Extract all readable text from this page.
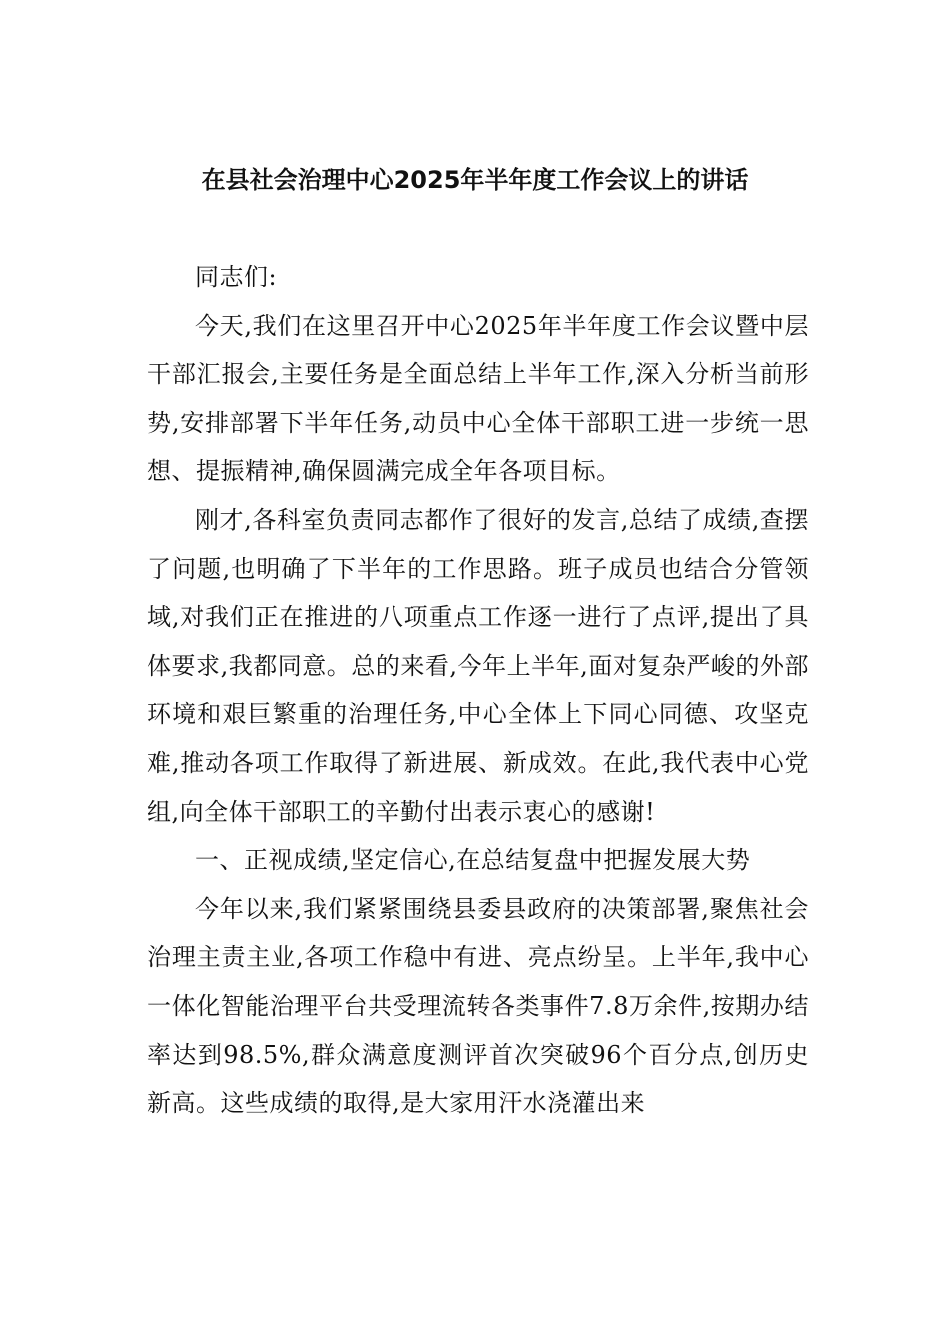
在县社会治理中心2025年半年度工作会议上的讲话

同志们:

今天,我们在这里召开中心2025年半年度工作会议暨中层干部汇报会,主要任务是全面总结上半年工作,深入分析当前形势,安排部署下半年任务,动员中心全体干部职工进一步统一思想、提振精神,确保圆满完成全年各项目标。

刚才,各科室负责同志都作了很好的发言,总结了成绩,查摆了问题,也明确了下半年的工作思路。班子成员也结合分管领域,对我们正在推进的八项重点工作逐一进行了点评,提出了具体要求,我都同意。总的来看,今年上半年,面对复杂严峻的外部环境和艰巨繁重的治理任务,中心全体上下同心同德、攻坚克难,推动各项工作取得了新进展、新成效。在此,我代表中心党组,向全体干部职工的辛勤付出表示衷心的感谢!

一、正视成绩,坚定信心,在总结复盘中把握发展大势

今年以来,我们紧紧围绕县委县政府的决策部署,聚焦社会治理主责主业,各项工作稳中有进、亮点纷呈。上半年,我中心一体化智能治理平台共受理流转各类事件7.8万余件,按期办结率达到98.5%,群众满意度测评首次突破96个百分点,创历史新高。这些成绩的取得,是大家用汗水浇灌出来
